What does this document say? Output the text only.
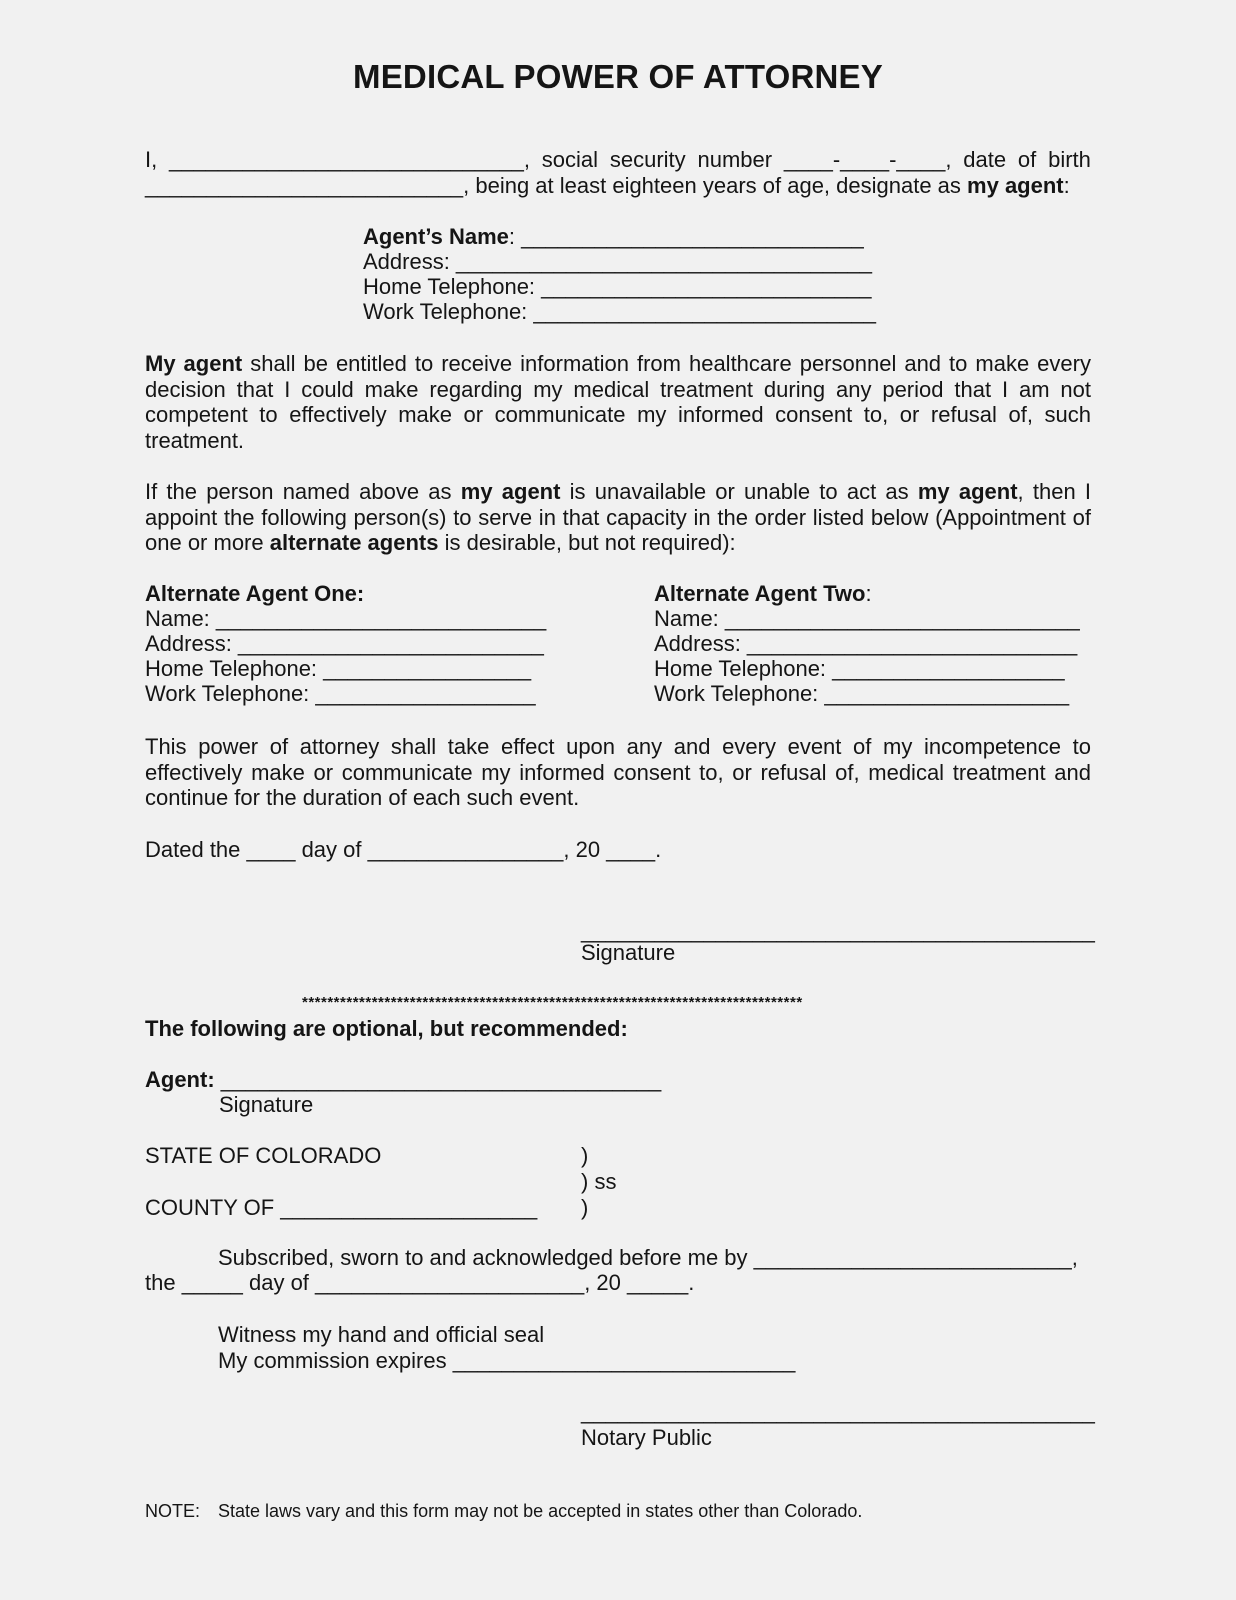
MEDICAL POWER OF ATTORNEY
I, _____________________________, social security number ____-____-____, date of birth
__________________________, being at least eighteen years of age, designate as my agent:
Agent’s Name: ____________________________
Address: __________________________________
Home Telephone: ___________________________
Work Telephone: ____________________________
My agent shall be entitled to receive information from healthcare personnel and to make every decision that I could make regarding my medical treatment during any period that I am not competent to effectively make or communicate my informed consent to, or refusal of, such treatment.
If the person named above as my agent is unavailable or unable to act as my agent, then I appoint the following person(s) to serve in that capacity in the order listed below (Appointment of one or more alternate agents is desirable, but not required):
Alternate Agent One:
Name: ___________________________
Address: _________________________
Home Telephone: _________________
Work Telephone: __________________
Alternate Agent Two:
Name: _____________________________
Address: ___________________________
Home Telephone: ___________________
Work Telephone: ____________________
This power of attorney shall take effect upon any and every event of my incompetence to effectively make or communicate my informed consent to, or refusal of, medical treatment and continue for the duration of each such event.
Dated the ____ day of ________________, 20 ____.
__________________________________________
Signature
*******************************************************************************
The following are optional, but recommended:
Agent: ____________________________________
Signature
STATE OF COLORADO
COUNTY OF _____________________
)
) ss
)
Subscribed, sworn to and acknowledged before me by __________________________,
the _____ day of ______________________, 20 _____.
Witness my hand and official seal
My commission expires ____________________________
__________________________________________
Notary Public
NOTE: State laws vary and this form may not be accepted in states other than Colorado.
